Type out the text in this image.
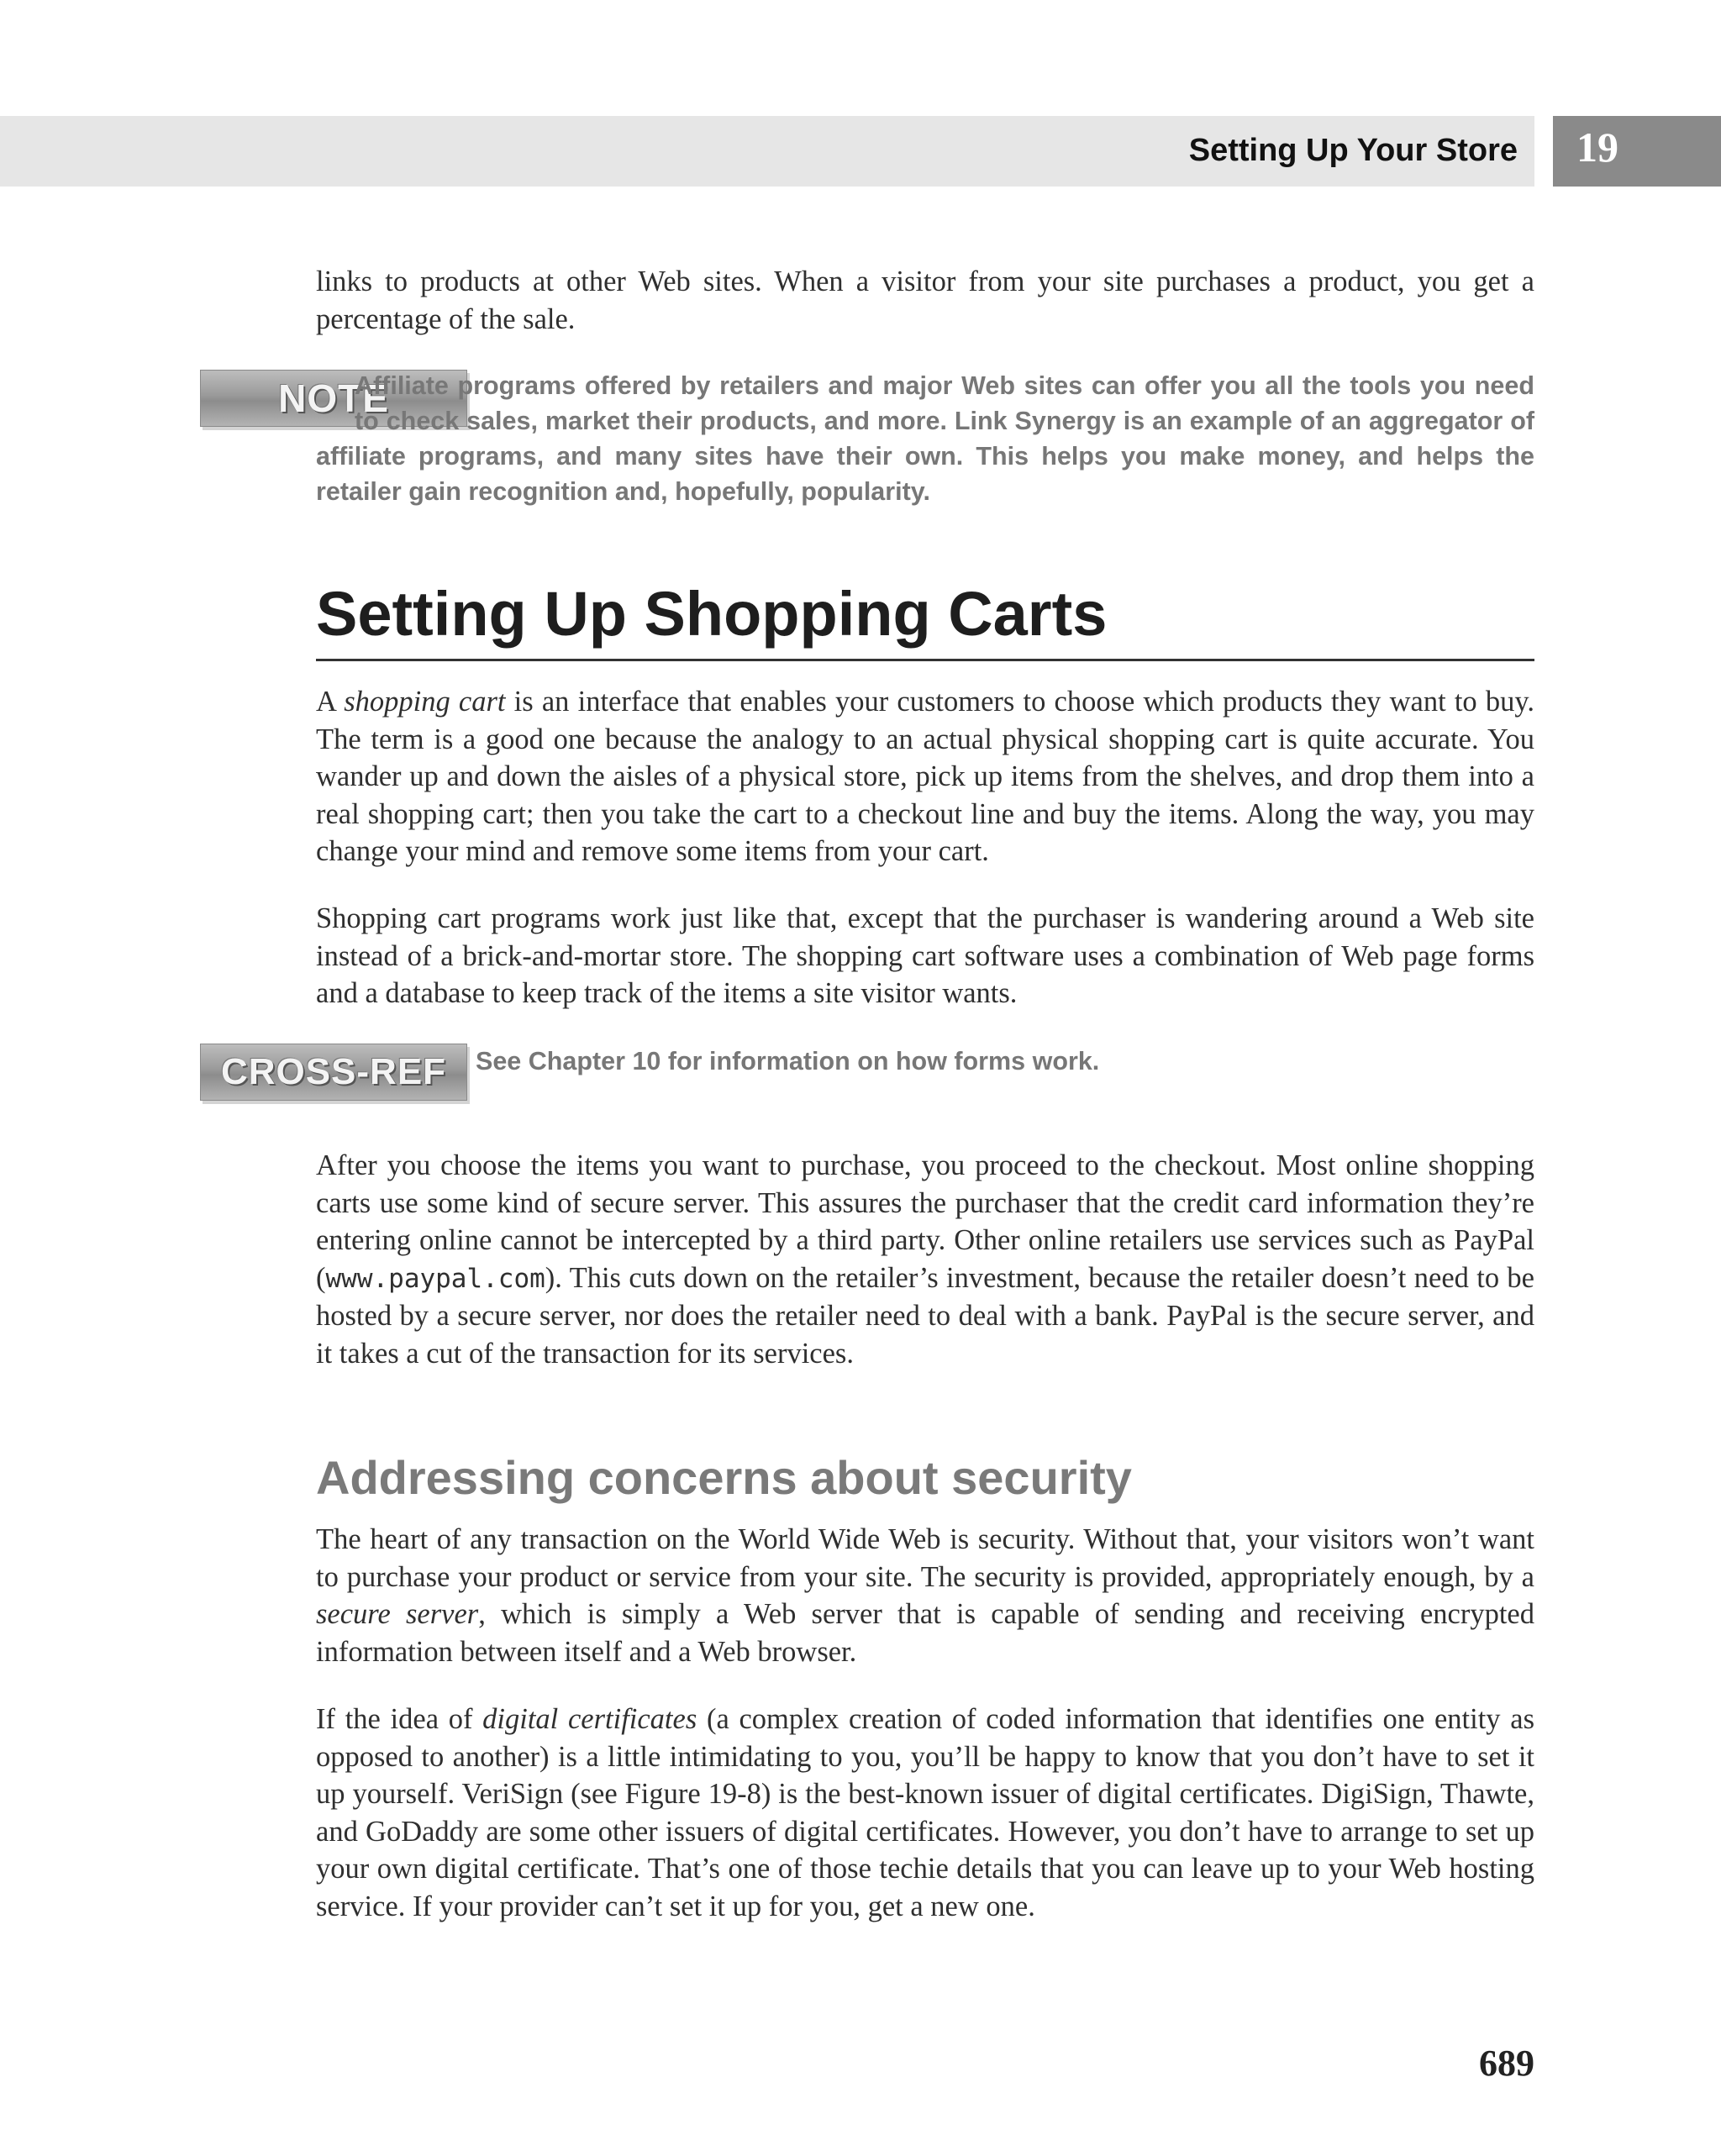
Setting Up Your Store 19

links to products at other Web sites. When a visitor from your site purchases a product, you get a percentage of the sale.

NOTE

Affiliate programs offered by retailers and major Web sites can offer you all the tools you need to check sales, market their products, and more. Link Synergy is an example of an aggregator of affiliate programs, and many sites have their own. This helps you make money, and helps the retailer gain recognition and, hopefully, popularity.

Setting Up Shopping Carts

A shopping cart is an interface that enables your customers to choose which products they want to buy. The term is a good one because the analogy to an actual physical shopping cart is quite accurate. You wander up and down the aisles of a physical store, pick up items from the shelves, and drop them into a real shopping cart; then you take the cart to a checkout line and buy the items. Along the way, you may change your mind and remove some items from your cart.

Shopping cart programs work just like that, except that the purchaser is wandering around a Web site instead of a brick-and-mortar store. The shopping cart software uses a combination of Web page forms and a database to keep track of the items a site visitor wants.

CROSS-REF See Chapter 10 for information on how forms work.

After you choose the items you want to purchase, you proceed to the checkout. Most online shopping carts use some kind of secure server. This assures the purchaser that the credit card information they’re entering online cannot be intercepted by a third party. Other online retailers use services such as PayPal (www.paypal.com). This cuts down on the retailer’s investment, because the retailer doesn’t need to be hosted by a secure server, nor does the retailer need to deal with a bank. PayPal is the secure server, and it takes a cut of the transaction for its services.

Addressing concerns about security

The heart of any transaction on the World Wide Web is security. Without that, your visitors won’t want to purchase your product or service from your site. The security is provided, appropriately enough, by a secure server, which is simply a Web server that is capable of sending and receiving encrypted information between itself and a Web browser.

If the idea of digital certificates (a complex creation of coded information that identifies one entity as opposed to another) is a little intimidating to you, you’ll be happy to know that you don’t have to set it up yourself. VeriSign (see Figure 19-8) is the best-known issuer of digital certificates. DigiSign, Thawte, and GoDaddy are some other issuers of digital certificates. However, you don’t have to arrange to set up your own digital certificate. That’s one of those techie details that you can leave up to your Web hosting service. If your provider can’t set it up for you, get a new one.

689
